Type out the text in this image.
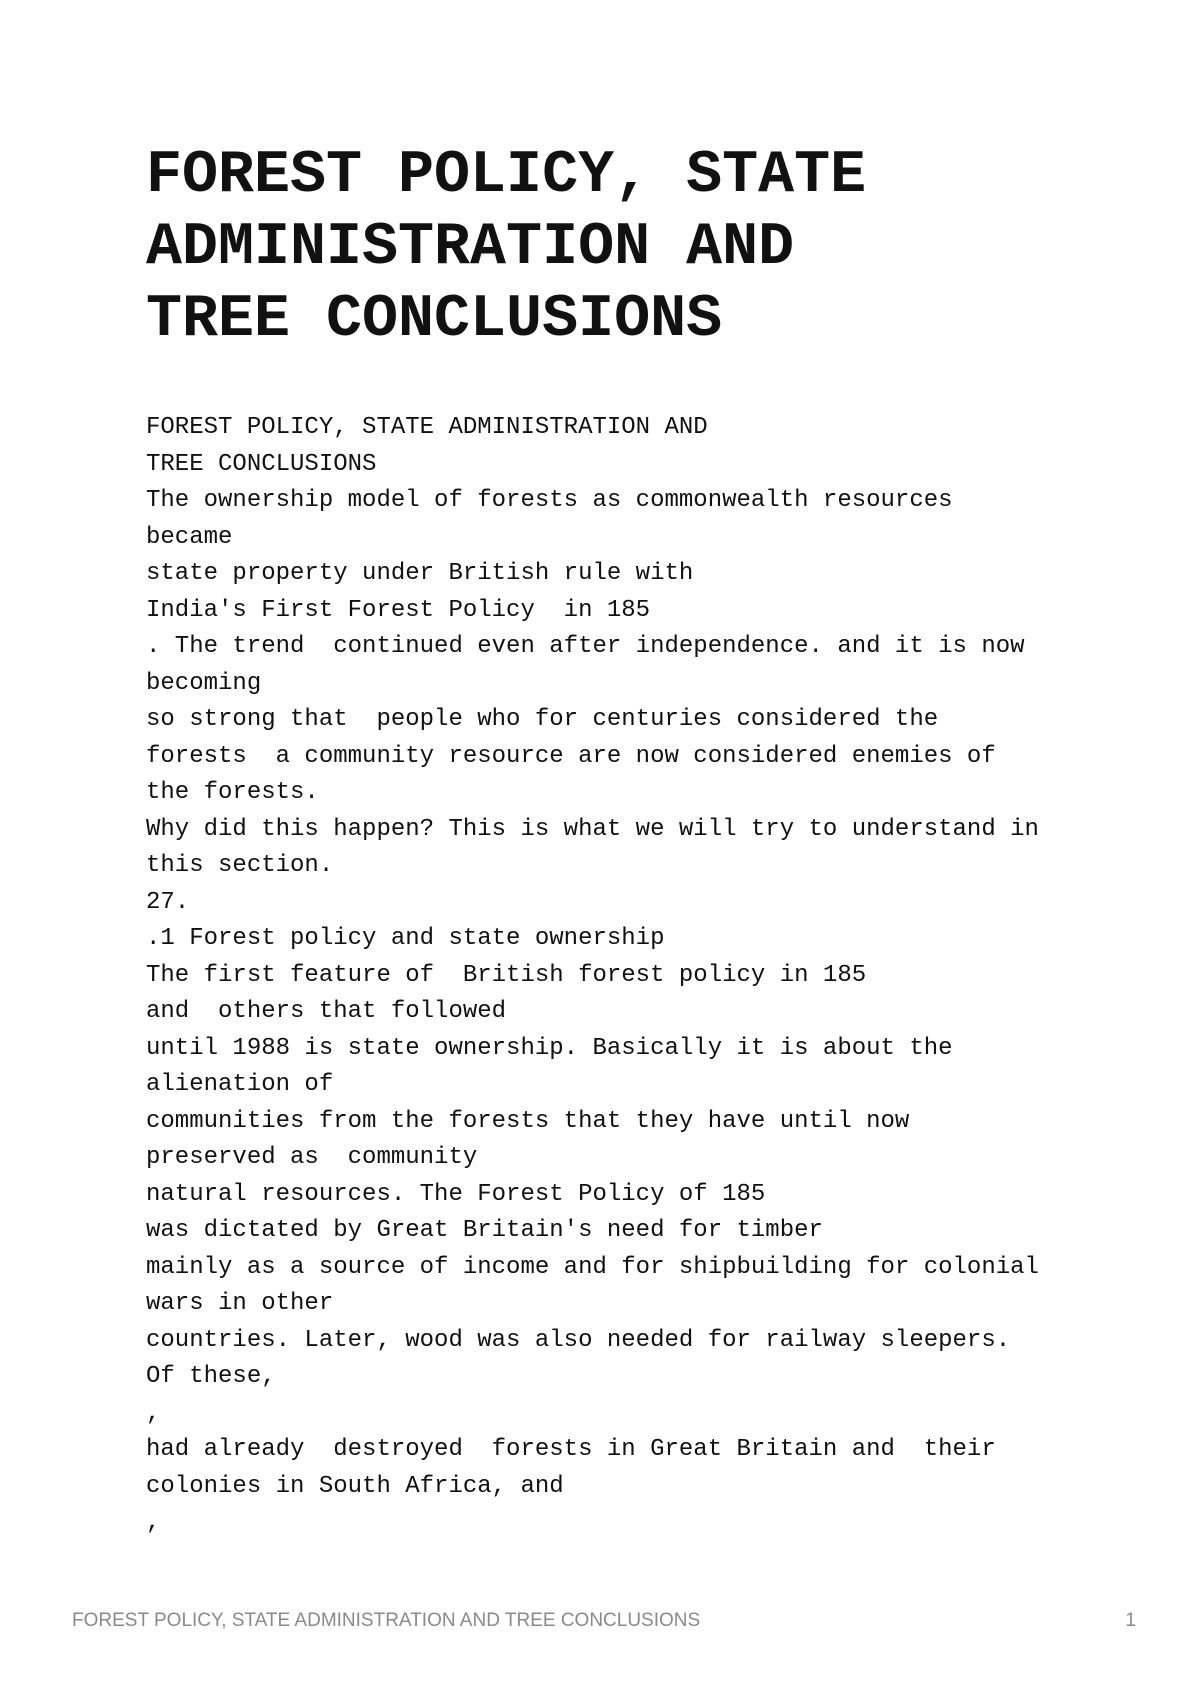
FOREST POLICY, STATE
ADMINISTRATION AND
TREE CONCLUSIONS
FOREST POLICY, STATE ADMINISTRATION AND
TREE CONCLUSIONS
The ownership model of forests as commonwealth resources
became
state property under British rule with
India's First Forest Policy  in 185
. The trend  continued even after independence. and it is now
becoming
so strong that  people who for centuries considered the
forests  a community resource are now considered enemies of
the forests.
Why did this happen? This is what we will try to understand in
this section.
27.
.1 Forest policy and state ownership
The first feature of  British forest policy in 185
and  others that followed
until 1988 is state ownership. Basically it is about the
alienation of
communities from the forests that they have until now
preserved as  community
natural resources. The Forest Policy of 185
was dictated by Great Britain's need for timber
mainly as a source of income and for shipbuilding for colonial
wars in other
countries. Later, wood was also needed for railway sleepers.
Of these,
,
had already  destroyed  forests in Great Britain and  their
colonies in South Africa, and
,
FOREST POLICY, STATE ADMINISTRATION AND TREE CONCLUSIONS	1
